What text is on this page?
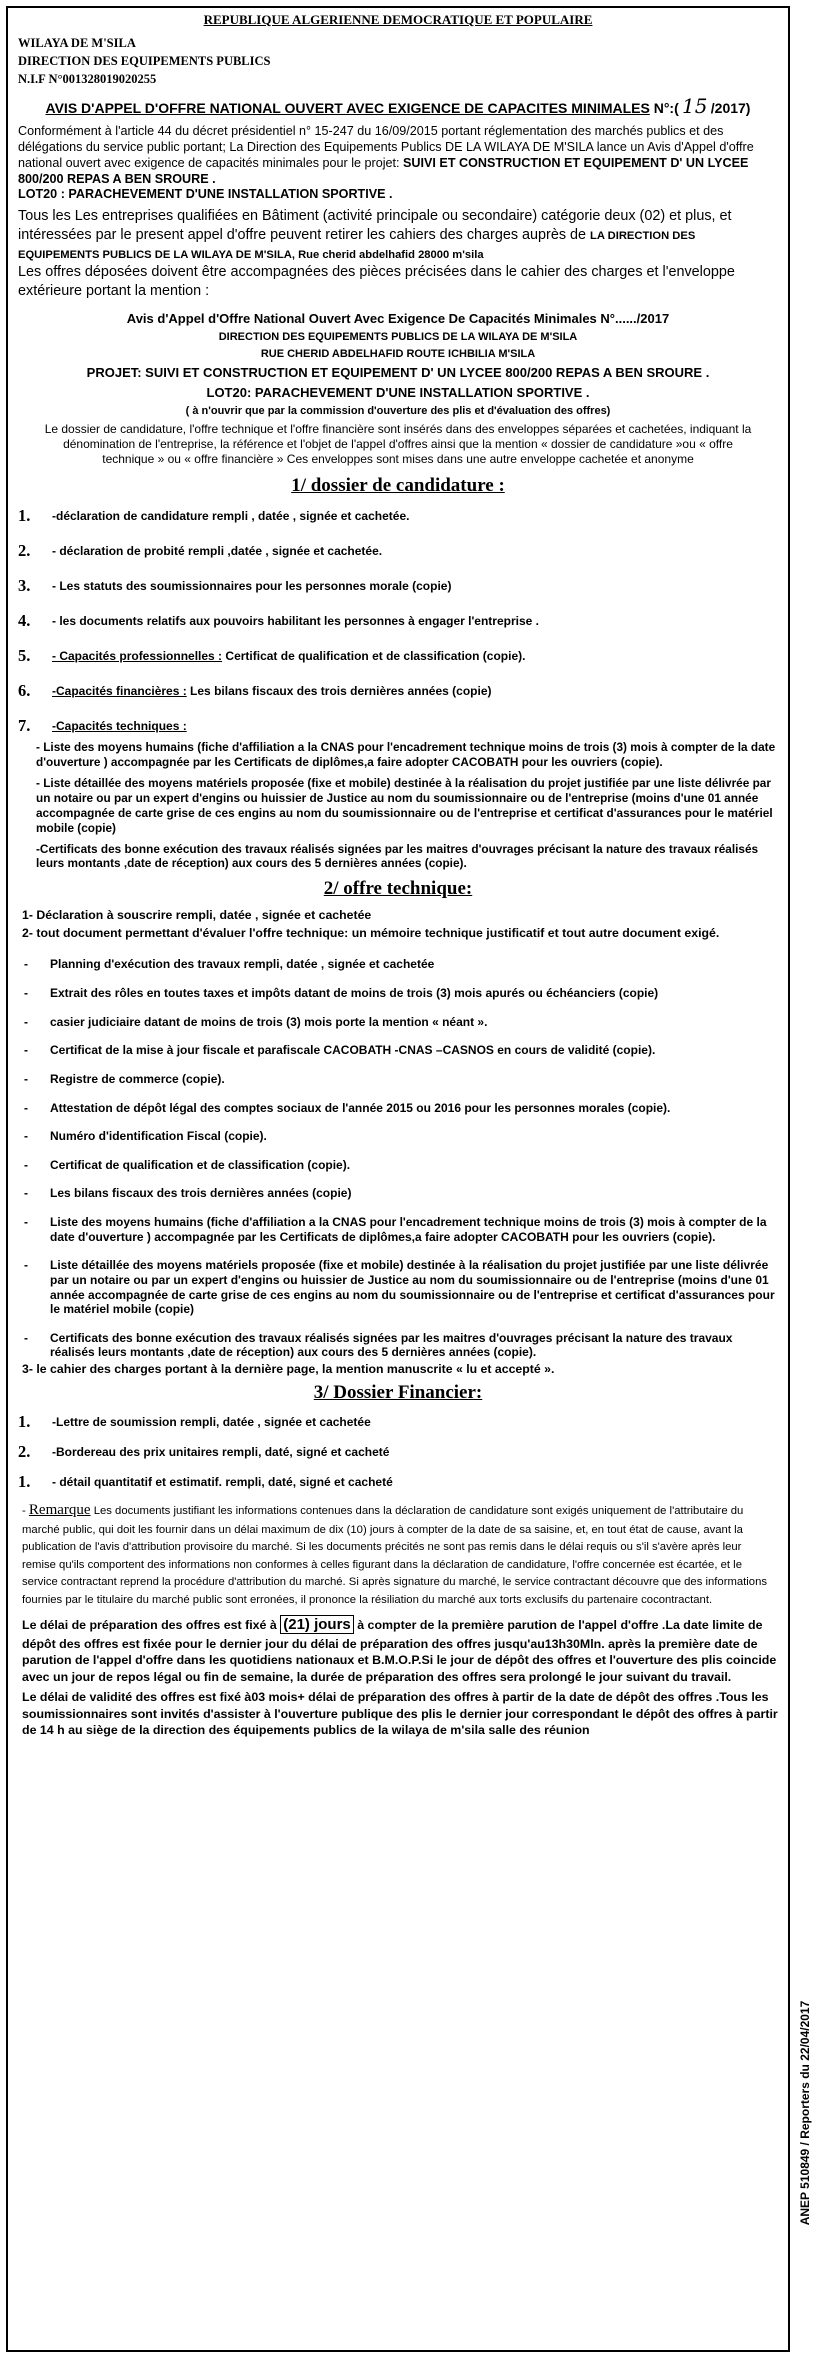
REPUBLIQUE ALGERIENNE DEMOCRATIQUE ET POPULAIRE

WILAYA DE M'SILA

DIRECTION DES EQUIPEMENTS PUBLICS

N.I.F N°001328019020255

AVIS D'APPEL D'OFFRE NATIONAL OUVERT AVEC EXIGENCE DE CAPACITES MINIMALES N°:( 15 /2017)

Conformément à l'article 44 du décret présidentiel n° 15-247 du 16/09/2015 portant réglementation des marchés publics et des délégations du service public portant; La Direction des Equipements Publics DE LA WILAYA DE M'SILA lance un Avis d'Appel d'offre national ouvert avec exigence de capacités minimales pour le projet: SUIVI ET CONSTRUCTION ET EQUIPEMENT D' UN LYCEE 800/200 REPAS A BEN SROURE .

LOT20 : PARACHEVEMENT D'UNE INSTALLATION SPORTIVE .

Tous les Les entreprises qualifiées en Bâtiment (activité principale ou secondaire) catégorie deux (02) et plus, et intéressées par le present appel d'offre peuvent retirer les cahiers des charges auprès de LA DIRECTION DES EQUIPEMENTS PUBLICS DE LA WILAYA DE M'SILA, Rue cherid abdelhafid 28000 m'sila

Les offres déposées doivent être accompagnées des pièces précisées dans le cahier des charges et l'enveloppe extérieure portant la mention :

Avis d'Appel d'Offre National Ouvert Avec Exigence De Capacités Minimales N°....../2017
DIRECTION DES EQUIPEMENTS PUBLICS DE LA WILAYA DE M'SILA
RUE CHERID ABDELHAFID ROUTE ICHBILIA M'SILA
PROJET: SUIVI ET CONSTRUCTION ET EQUIPEMENT D' UN LYCEE 800/200 REPAS A BEN SROURE .
LOT20: PARACHEVEMENT D'UNE INSTALLATION SPORTIVE .
( à n'ouvrir que par la commission d'ouverture des plis et d'évaluation des offres)

Le dossier de candidature, l'offre technique et l'offre financière sont insérés dans des enveloppes séparées et cachetées, indiquant la dénomination de l'entreprise, la référence et l'objet de l'appel d'offres ainsi que la mention « dossier de candidature »ou « offre technique » ou « offre financière » Ces enveloppes sont mises dans une autre enveloppe cachetée et anonyme

1/ dossier de candidature :
1.	-déclaration de candidature rempli , datée , signée et cachetée.
2.	- déclaration de probité rempli ,datée , signée et cachetée.
3.	- Les statuts des soumissionnaires pour les personnes morale (copie)
4.	- les documents relatifs aux pouvoirs habilitant les personnes à engager l'entreprise .
5.	- Capacités professionnelles : Certificat de qualification et de classification (copie).
6.	-Capacités financières : Les bilans fiscaux des trois dernières années (copie)
7.	-Capacités techniques :

- Liste des moyens humains (fiche d'affiliation a la CNAS pour l'encadrement technique moins de trois (3) mois à compter de la date d'ouverture ) accompagnée par les Certificats de diplômes,a faire adopter CACOBATH pour les ouvriers (copie).

- Liste détaillée des moyens matériels proposée (fixe et mobile) destinée à la réalisation du projet justifiée par une liste délivrée par un notaire ou par un expert d'engins ou huissier de Justice au nom du soumissionnaire ou de l'entreprise (moins d'une 01 année accompagnée de carte grise de ces engins au nom du soumissionnaire ou de l'entreprise et certificat d'assurances pour le matériel mobile (copie)

-Certificats des bonne exécution des travaux réalisés signées par les maitres d'ouvrages précisant la nature des travaux réalisés leurs montants ,date de réception) aux cours des 5 dernières années (copie).

2/ offre technique:

1- Déclaration à souscrire rempli, datée , signée et cachetée

2- tout document permettant d'évaluer l'offre technique: un mémoire technique justificatif et tout autre document exigé.

-	Planning d'exécution des travaux rempli, datée , signée et cachetée
-	Extrait des rôles en toutes taxes et impôts datant de moins de trois (3) mois apurés ou échéanciers (copie)
-	casier judiciaire datant de moins de trois (3) mois porte la mention « néant ».
-	Certificat de la mise à jour fiscale et parafiscale CACOBATH -CNAS –CASNOS en cours de validité (copie).
-	Registre de commerce (copie).
-	Attestation de dépôt légal des comptes sociaux de l'année 2015 ou 2016 pour les personnes morales (copie).
-	Numéro d'identification Fiscal (copie).
-	Certificat de qualification et de classification (copie).
-	Les bilans fiscaux des trois dernières années (copie)
-	Liste des moyens humains (fiche d'affiliation a la CNAS pour l'encadrement technique moins de trois (3) mois à compter de la date d'ouverture ) accompagnée par les Certificats de diplômes,a faire adopter CACOBATH pour les ouvriers (copie).
-	Liste détaillée des moyens matériels proposée (fixe et mobile) destinée à la réalisation du projet justifiée par une liste délivrée par un notaire ou par un expert d'engins ou huissier de Justice au nom du soumissionnaire ou de l'entreprise (moins d'une 01 année accompagnée de carte grise de ces engins au nom du soumissionnaire ou de l'entreprise et certificat d'assurances pour le matériel mobile (copie)
-	Certificats des bonne exécution des travaux réalisés signées par les maitres d'ouvrages précisant la nature des travaux réalisés leurs montants ,date de réception) aux cours des 5 dernières années (copie).

3- le cahier des charges portant à la dernière page, la mention manuscrite « lu et accepté ».

3/ Dossier Financier:
1.	-Lettre de soumission rempli, datée , signée et cachetée
2.	-Bordereau des prix unitaires rempli, daté, signé et cacheté
1.	- détail quantitatif et estimatif. rempli, daté, signé et cacheté

- Remarque Les documents justifiant les informations contenues dans la déclaration de candidature sont exigés uniquement de l'attributaire du marché public, qui doit les fournir dans un délai maximum de dix (10) jours à compter de la date de sa saisine, et, en tout état de cause, avant la publication de l'avis d'attribution provisoire du marché. Si les documents précités ne sont pas remis dans le délai requis ou s'il s'avère après leur remise qu'ils comportent des informations non conformes à celles figurant dans la déclaration de candidature, l'offre concernée est écartée, et le service contractant reprend la procédure d'attribution du marché. Si après signature du marché, le service contractant découvre que des informations fournies par le titulaire du marché public sont erronées, il prononce la résiliation du marché aux torts exclusifs du partenaire cocontractant.

Le délai de préparation des offres est fixé à (21) jours à compter de la première parution de l'appel d'offre .La date limite de dépôt des offres est fixée pour le dernier jour du délai de préparation des offres jusqu'au13h30Mln. après la première date de parution de l'appel d'offre dans les quotidiens nationaux et B.M.O.P.Si le jour de dépôt des offres et l'ouverture des plis coincide avec un jour de repos légal ou fin de semaine, la durée de préparation des offres sera prolongé le jour suivant du travail.

Le délai de validité des offres est fixé à03 mois+ délai de préparation des offres à partir de la date de dépôt des offres .Tous les soumissionnaires sont invités d'assister à l'ouverture publique des plis le dernier jour correspondant le dépôt des offres à partir de 14 h au siège de la direction des équipements publics de la wilaya de m'sila salle des réunion

ANEP 510849 / Reporters du 22/04/2017
